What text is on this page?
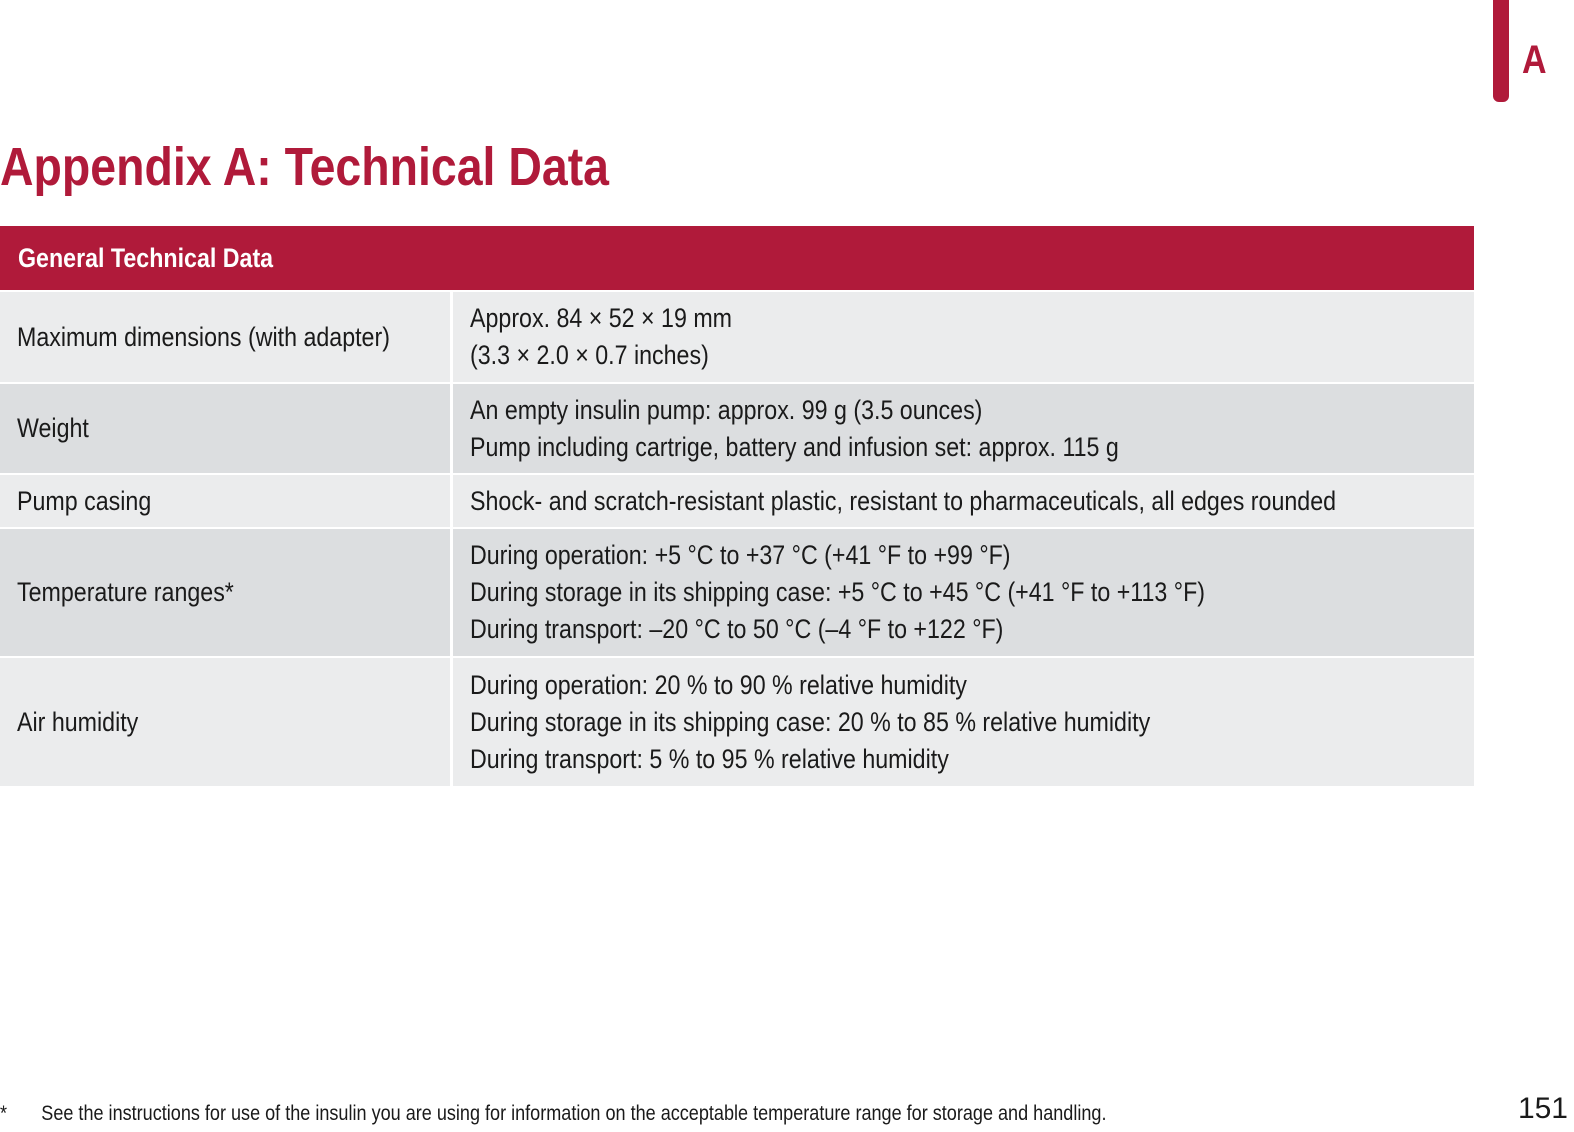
A
Appendix A: Technical Data
General Technical Data	
Maximum dimensions (with adapter)	Approx. 84 × 52 × 19 mm
(3.3 × 2.0 × 0.7 inches)

Weight	An empty insulin pump: approx. 99 g (3.5 ounces)
Pump including cartrige, battery and infusion set: approx. 115 g

Pump casing	Shock- and scratch-resistant plastic, resistant to pharmaceuticals, all edges rounded

Temperature ranges*	During operation: +5 °C to +37 °C (+41 °F to +99 °F)
During storage in its shipping case: +5 °C to +45 °C (+41 °F to +113 °F)
During transport: –20 °C to 50 °C (–4 °F to +122 °F)

Air humidity	During operation: 20 % to 90 % relative humidity
During storage in its shipping case: 20 % to 85 % relative humidity
During transport: 5 % to 95 % relative humidity
* See the instructions for use of the insulin you are using for information on the acceptable temperature range for storage and handling.	151
